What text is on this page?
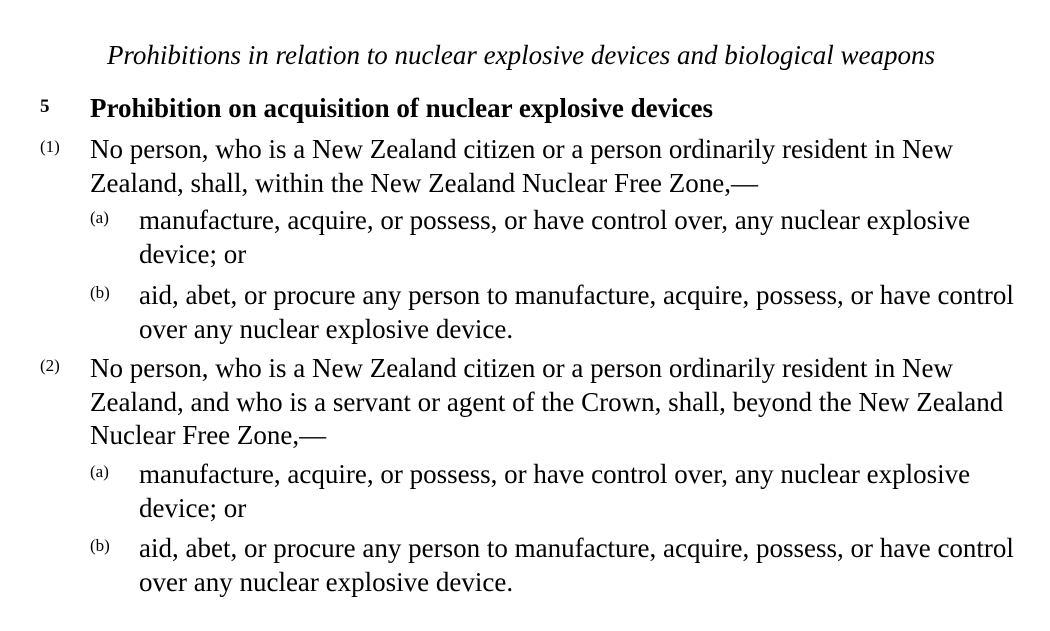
Prohibitions in relation to nuclear explosive devices and biological weapons
5 Prohibition on acquisition of nuclear explosive devices
(1) No person, who is a New Zealand citizen or a person ordinarily resident in New Zealand, shall, within the New Zealand Nuclear Free Zone,—
(a) manufacture, acquire, or possess, or have control over, any nuclear explosive device; or
(b) aid, abet, or procure any person to manufacture, acquire, possess, or have control over any nuclear explosive device.
(2) No person, who is a New Zealand citizen or a person ordinarily resident in New Zealand, and who is a servant or agent of the Crown, shall, beyond the New Zealand Nuclear Free Zone,—
(a) manufacture, acquire, or possess, or have control over, any nuclear explosive device; or
(b) aid, abet, or procure any person to manufacture, acquire, possess, or have control over any nuclear explosive device.
